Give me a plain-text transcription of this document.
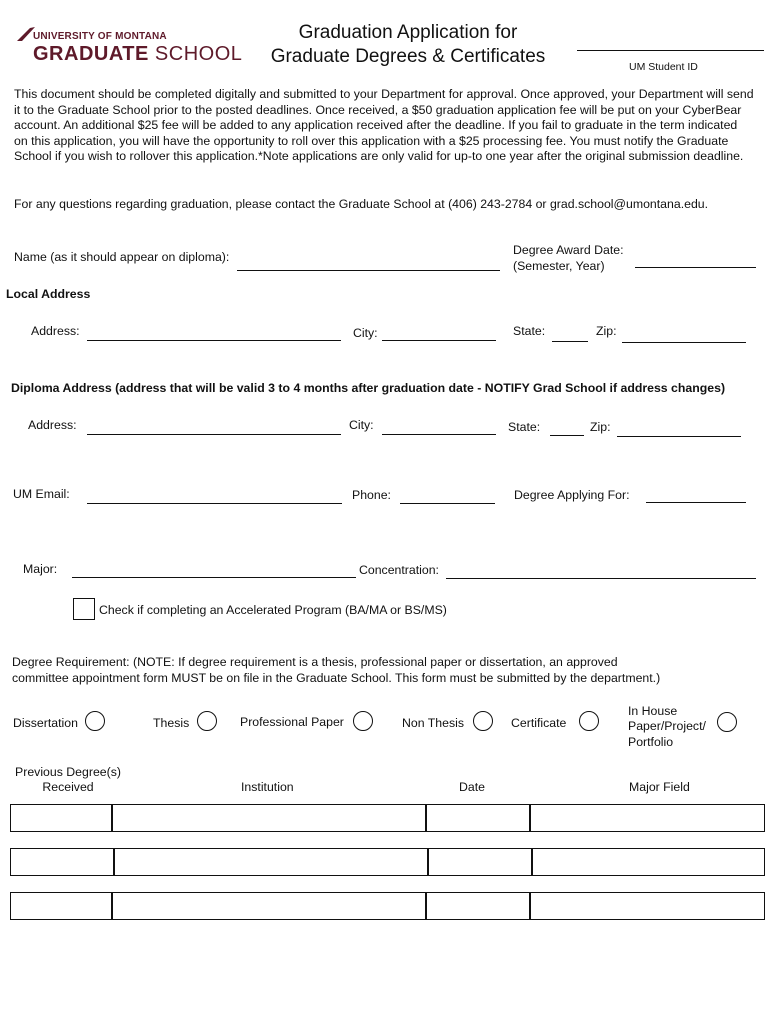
UNIVERSITY OF MONTANA
GRADUATE SCHOOL
Graduation Application for
Graduate Degrees & Certificates	UM Student ID
This document should be completed digitally and submitted to your Department for approval. Once approved, your Department will send it to the Graduate School prior to the posted deadlines. Once received, a $50 graduation application fee will be put on your CyberBear account. An additional $25 fee will be added to any application received after the deadline. If you fail to graduate in the term indicated on this application, you will have the opportunity to roll over this application with a $25 processing fee. You must notify the Graduate School if you wish to rollover this application.*Note applications are only valid for up-to one year after the original submission deadline.
For any questions regarding graduation, please contact the Graduate School at (406) 243-2784 or grad.school@umontana.edu.
Name (as it should appear on diploma):	Degree Award Date:
(Semester, Year)
Local Address
Address:	City:	State:	Zip:
Diploma Address (address that will be valid 3 to 4 months after graduation date - NOTIFY Grad School if address changes)
Address:	City:	State:	Zip:
UM Email:	Phone:	Degree Applying For:
Major:	Concentration:
Check if completing an Accelerated Program (BA/MA or BS/MS)
Degree Requirement: (NOTE: If degree requirement is a thesis, professional paper or dissertation, an approved
committee appointment form MUST be on file in the Graduate School. This form must be submitted by the department.)
Dissertation	Thesis	Professional Paper	Non Thesis	Certificate
In House
Paper/Project/
Portfolio
Previous Degree(s)
Received	Institution	Date	Major Field
